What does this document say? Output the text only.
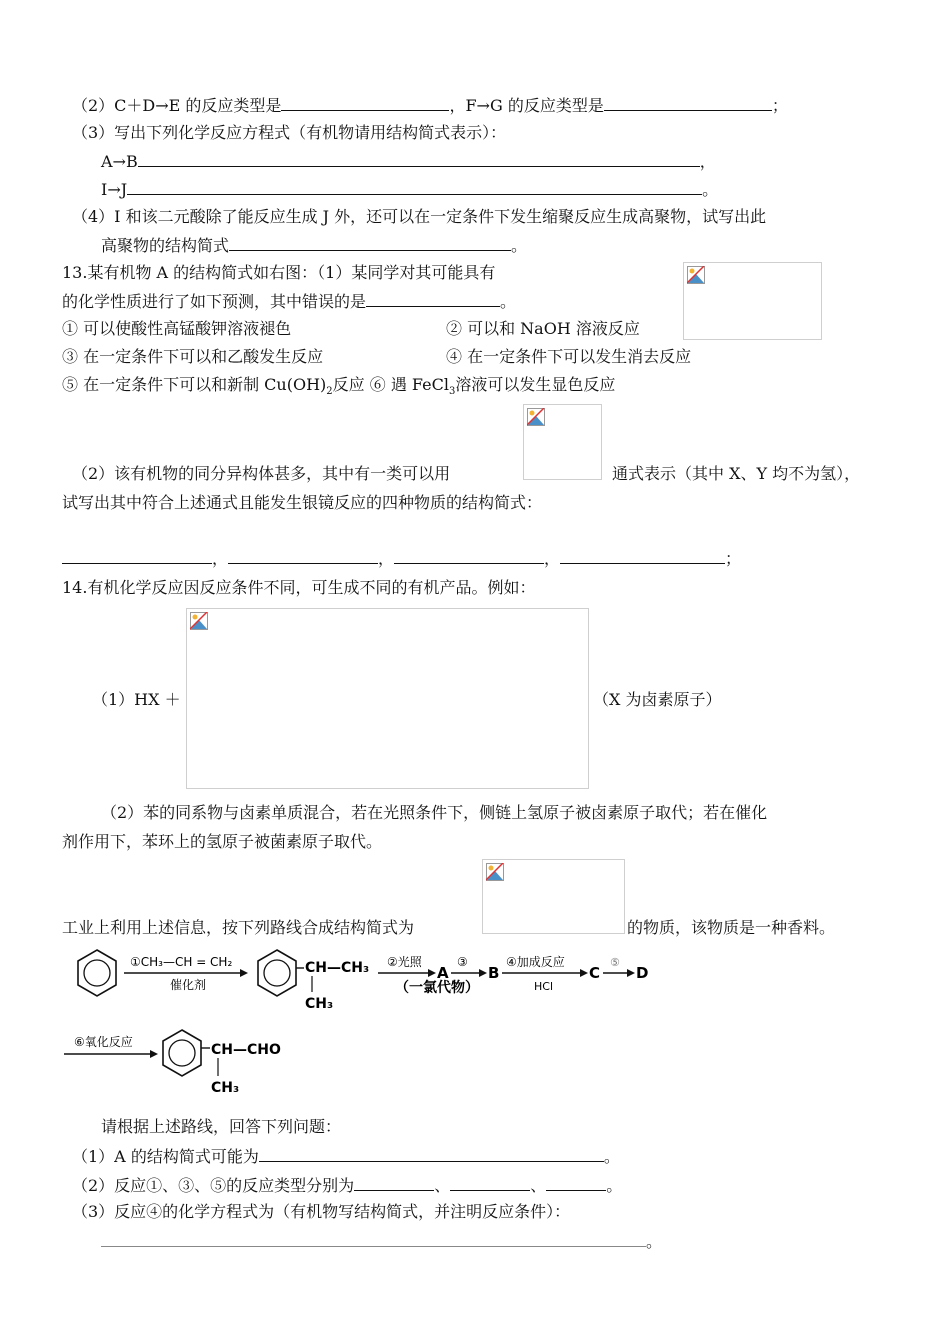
（2）C＋D→E 的反应类型是	，F→G 的反应类型是	；
（3）写出下列化学反应方程式（有机物请用结构简式表示）：
A→B	，
I→J	。
（4）I 和该二元酸除了能反应生成 J 外，还可以在一定条件下发生缩聚反应生成高聚物，试写出此
高聚物的结构简式	。
13.某有机物 A 的结构简式如右图：（1）某同学对其可能具有
的化学性质进行了如下预测，其中错误的是	。
① 可以使酸性高锰酸钾溶液褪色	② 可以和 NaOH 溶液反应
③ 在一定条件下可以和乙酸发生反应	④ 在一定条件下可以发生消去反应
⑤ 在一定条件下可以和新制 $Cu(OH)_2$反应 ⑥ 遇 FeCl$_3$溶液可以发生显色反应
（2）该有机物的同分异构体甚多，其中有一类可以用	通式表示（其中 X、Y 均不为氢），
试写出其中符合上述通式且能发生银镜反应的四种物质的结构简式：
，	，	，	；
14.有机化学反应因反应条件不同，可生成不同的有机产品。例如：
（1）HX ＋	（X 为卤素原子）
（2）苯的同系物与卤素单质混合，若在光照条件下，侧链上氢原子被卤素原子取代；若在催化
剂作用下，苯环上的氢原子被菌素原子取代。
工业上利用上述信息，按下列路线合成结构简式为	的物质，该物质是一种香料。
①CH₃—CH = CH₂
催化剂
CH—CH₃
CH₃
②光照
（一氯代物）
A
③
B
④加成反应
HCl
C
⑤
D
⑥氧化反应	CH—CHO
CH₃
请根据上述路线，回答下列问题：
（1）A 的结构简式可能为	。
（2）反应①、③、⑤的反应类型分别为	、	、	。
（3）反应④的化学方程式为（有机物写结构简式，并注明反应条件）：
。
